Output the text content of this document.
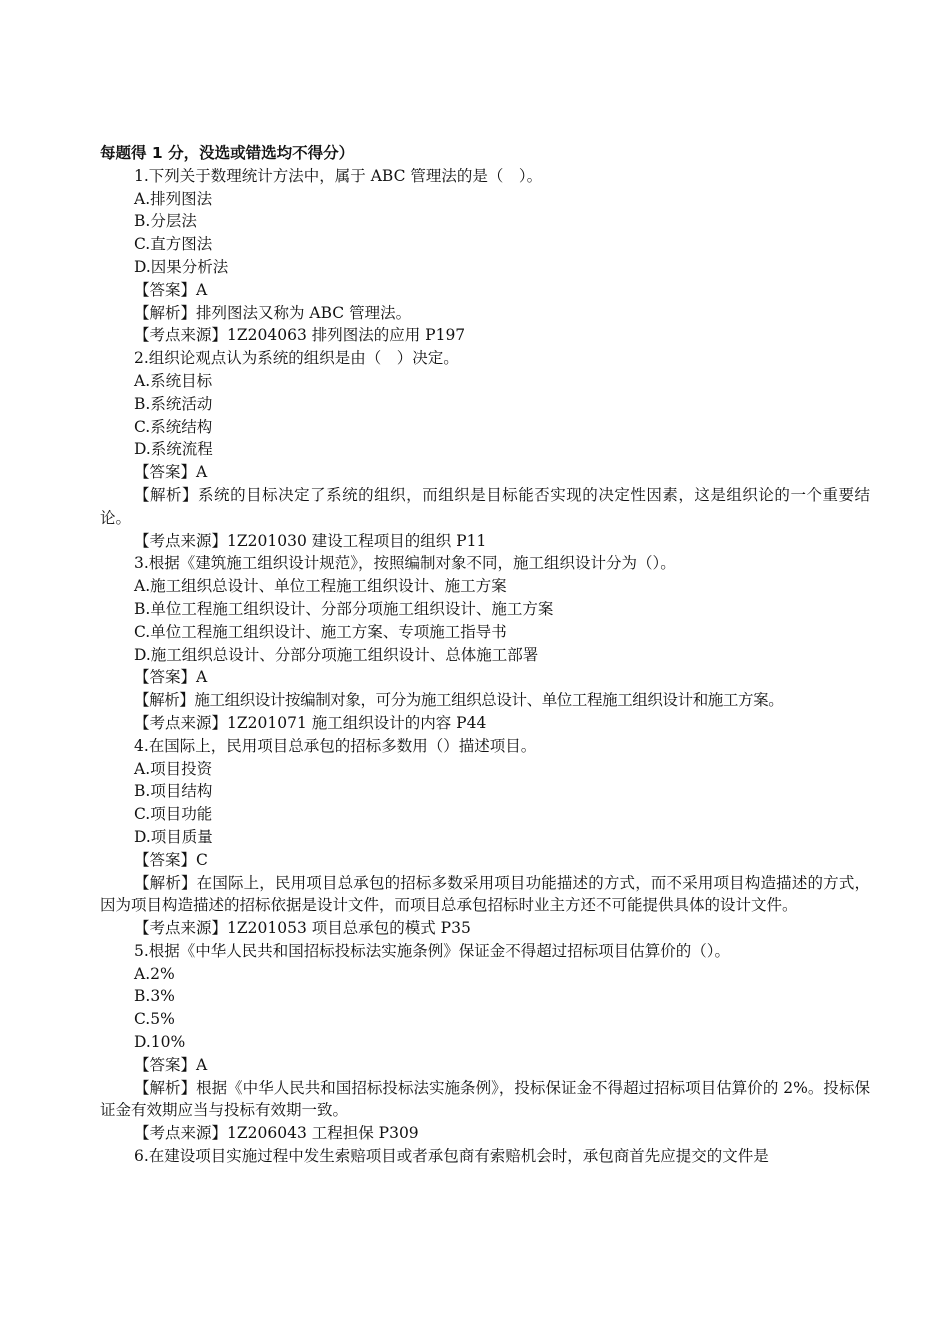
每题得 1 分，没选或错选均不得分）
1.下列关于数理统计方法中，属于 ABC 管理法的是（　）。
A.排列图法
B.分层法
C.直方图法
D.因果分析法
【答案】A
【解析】排列图法又称为 ABC 管理法。
【考点来源】1Z204063 排列图法的应用 P197
2.组织论观点认为系统的组织是由（　）决定。
A.系统目标
B.系统活动
C.系统结构
D.系统流程
【答案】A
【解析】系统的目标决定了系统的组织，而组织是目标能否实现的决定性因素，这是组织论的一个重要结论。
【考点来源】1Z201030 建设工程项目的组织 P11
3.根据《建筑施工组织设计规范》，按照编制对象不同，施工组织设计分为（）。
A.施工组织总设计、单位工程施工组织设计、施工方案
B.单位工程施工组织设计、分部分项施工组织设计、施工方案
C.单位工程施工组织设计、施工方案、专项施工指导书
D.施工组织总设计、分部分项施工组织设计、总体施工部署
【答案】A
【解析】施工组织设计按编制对象，可分为施工组织总设计、单位工程施工组织设计和施工方案。
【考点来源】1Z201071 施工组织设计的内容 P44
4.在国际上，民用项目总承包的招标多数用（）描述项目。
A.项目投资
B.项目结构
C.项目功能
D.项目质量
【答案】C
【解析】在国际上，民用项目总承包的招标多数采用项目功能描述的方式，而不采用项目构造描述的方式，因为项目构造描述的招标依据是设计文件，而项目总承包招标时业主方还不可能提供具体的设计文件。
【考点来源】1Z201053 项目总承包的模式 P35
5.根据《中华人民共和国招标投标法实施条例》保证金不得超过招标项目估算价的（）。
A.2%
B.3%
C.5%
D.10%
【答案】A
【解析】根据《中华人民共和国招标投标法实施条例》，投标保证金不得超过招标项目估算价的 2%。投标保证金有效期应当与投标有效期一致。
【考点来源】1Z206043 工程担保 P309
6.在建设项目实施过程中发生索赔项目或者承包商有索赔机会时，承包商首先应提交的文件是
